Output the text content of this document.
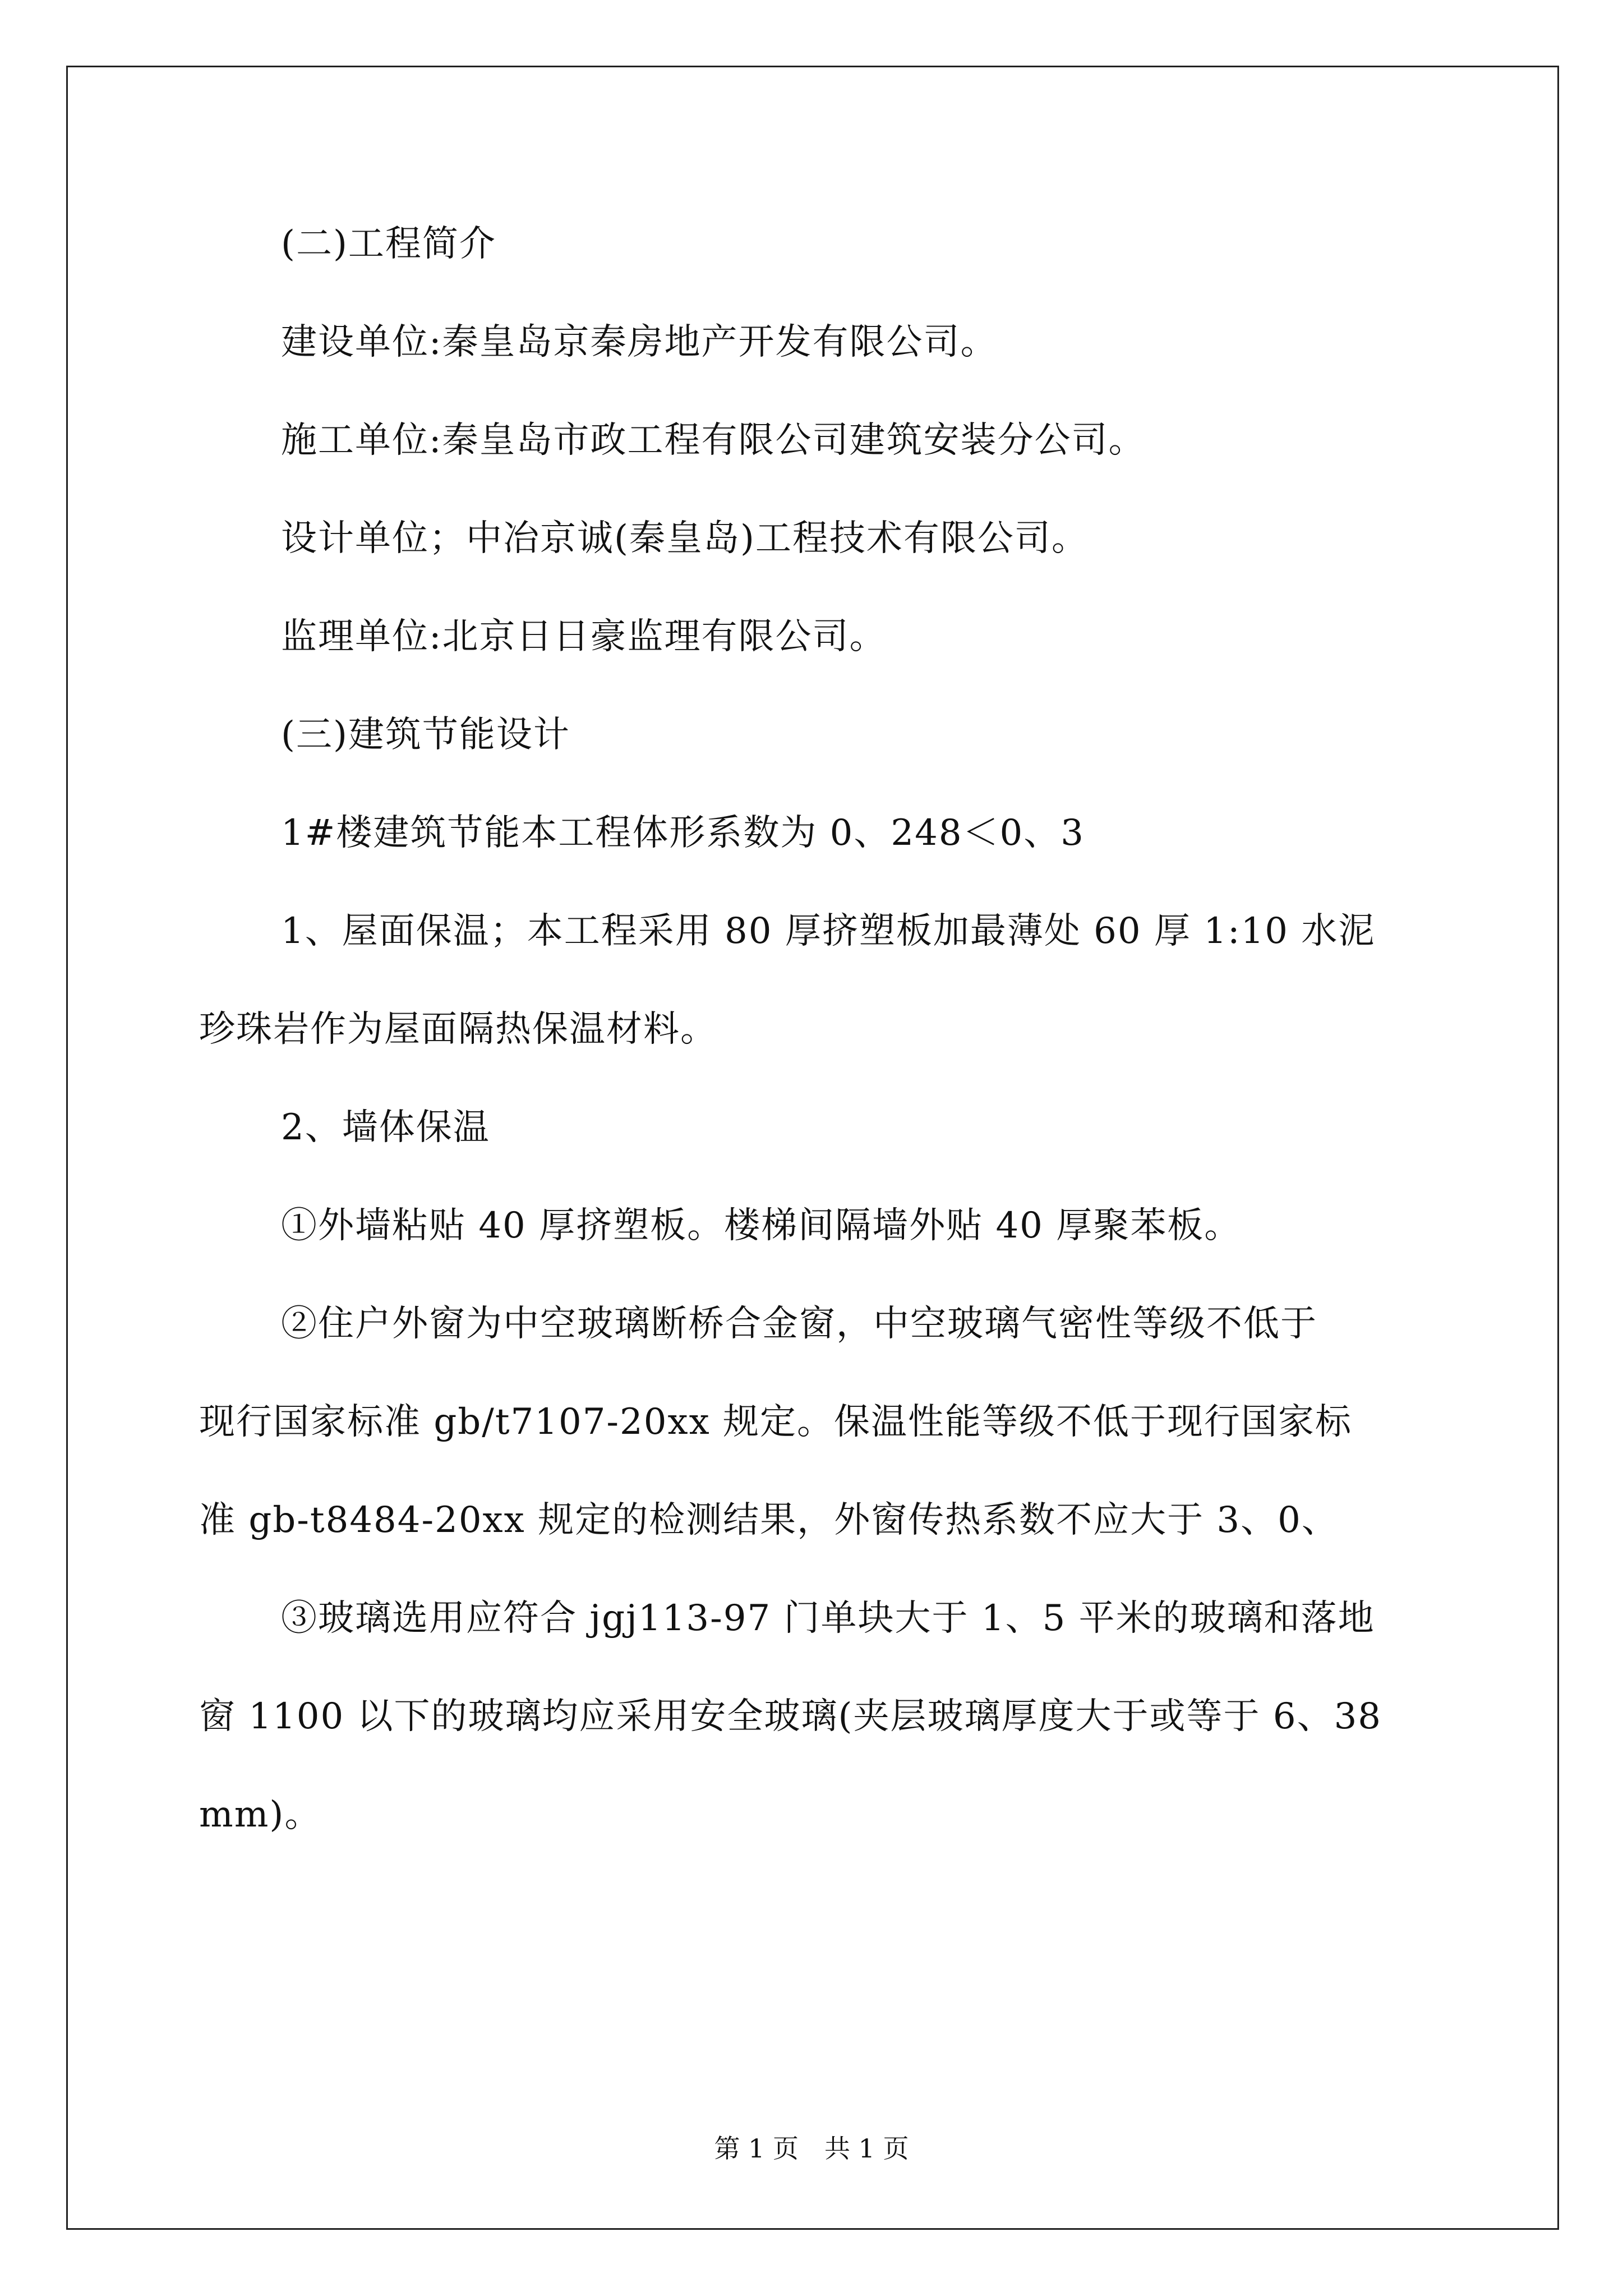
(二)工程简介

建设单位:秦皇岛京秦房地产开发有限公司。

施工单位:秦皇岛市政工程有限公司建筑安装分公司。

设计单位；中冶京诚(秦皇岛)工程技术有限公司。

监理单位:北京日日豪监理有限公司。

(三)建筑节能设计

1#楼建筑节能本工程体形系数为 0、248＜0、3

1、屋面保温；本工程采用 80 厚挤塑板加最薄处 60 厚 1:10 水泥

珍珠岩作为屋面隔热保温材料。

2、墙体保温

①外墙粘贴 40 厚挤塑板。楼梯间隔墙外贴 40 厚聚苯板。

②住户外窗为中空玻璃断桥合金窗，中空玻璃气密性等级不低于

现行国家标准 gb/t7107-20xx 规定。保温性能等级不低于现行国家标

准 gb-t8484-20xx 规定的检测结果，外窗传热系数不应大于 3、0、

③玻璃选用应符合 jgj113-97 门单块大于 1、5 平米的玻璃和落地

窗 1100 以下的玻璃均应采用安全玻璃(夹层玻璃厚度大于或等于 6、38

mm)。

第 1 页　共 1 页
